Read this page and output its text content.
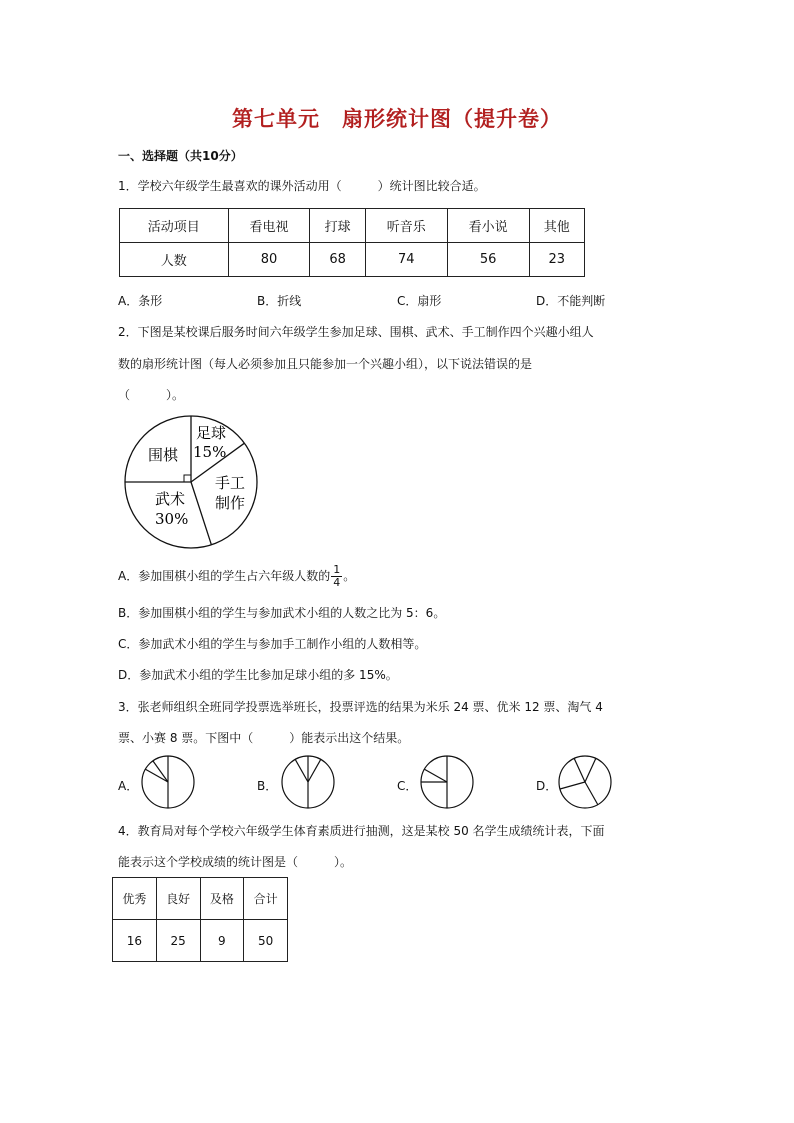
第七单元　扇形统计图（提升卷）
一、选择题（共10分）
1．学校六年级学生最喜欢的课外活动用（　　　）统计图比较合适。
活动项目	看电视	打球	听音乐	看小说	其他
人数	80	68	74	56	23
A．条形	B．折线	C．扇形	D．不能判断
2．下图是某校课后服务时间六年级学生参加足球、围棋、武术、手工制作四个兴趣小组人
数的扇形统计图（每人必须参加且只能参加一个兴趣小组），以下说法错误的是
（　　　）。
足球
15%
手工
制作
武术
30%
围棋
A．参加围棋小组的学生占六年级人数的 $\frac{1}{4}$ 。
B．参加围棋小组的学生与参加武术小组的人数之比为 5：6。
C．参加武术小组的学生与参加手工制作小组的人数相等。
D．参加武术小组的学生比参加足球小组的多 15%。
3．张老师组织全班同学投票选举班长，投票评选的结果为米乐 24 票、优米 12 票、淘气 4
票、小赛 8 票。下图中（　　　）能表示出这个结果。
A．	B．	C．	D．
4．教育局对每个学校六年级学生体育素质进行抽测，这是某校 50 名学生成绩统计表，下面
能表示这个学校成绩的统计图是（　　　）。
优秀	良好	及格	合计
16	25	9	50
